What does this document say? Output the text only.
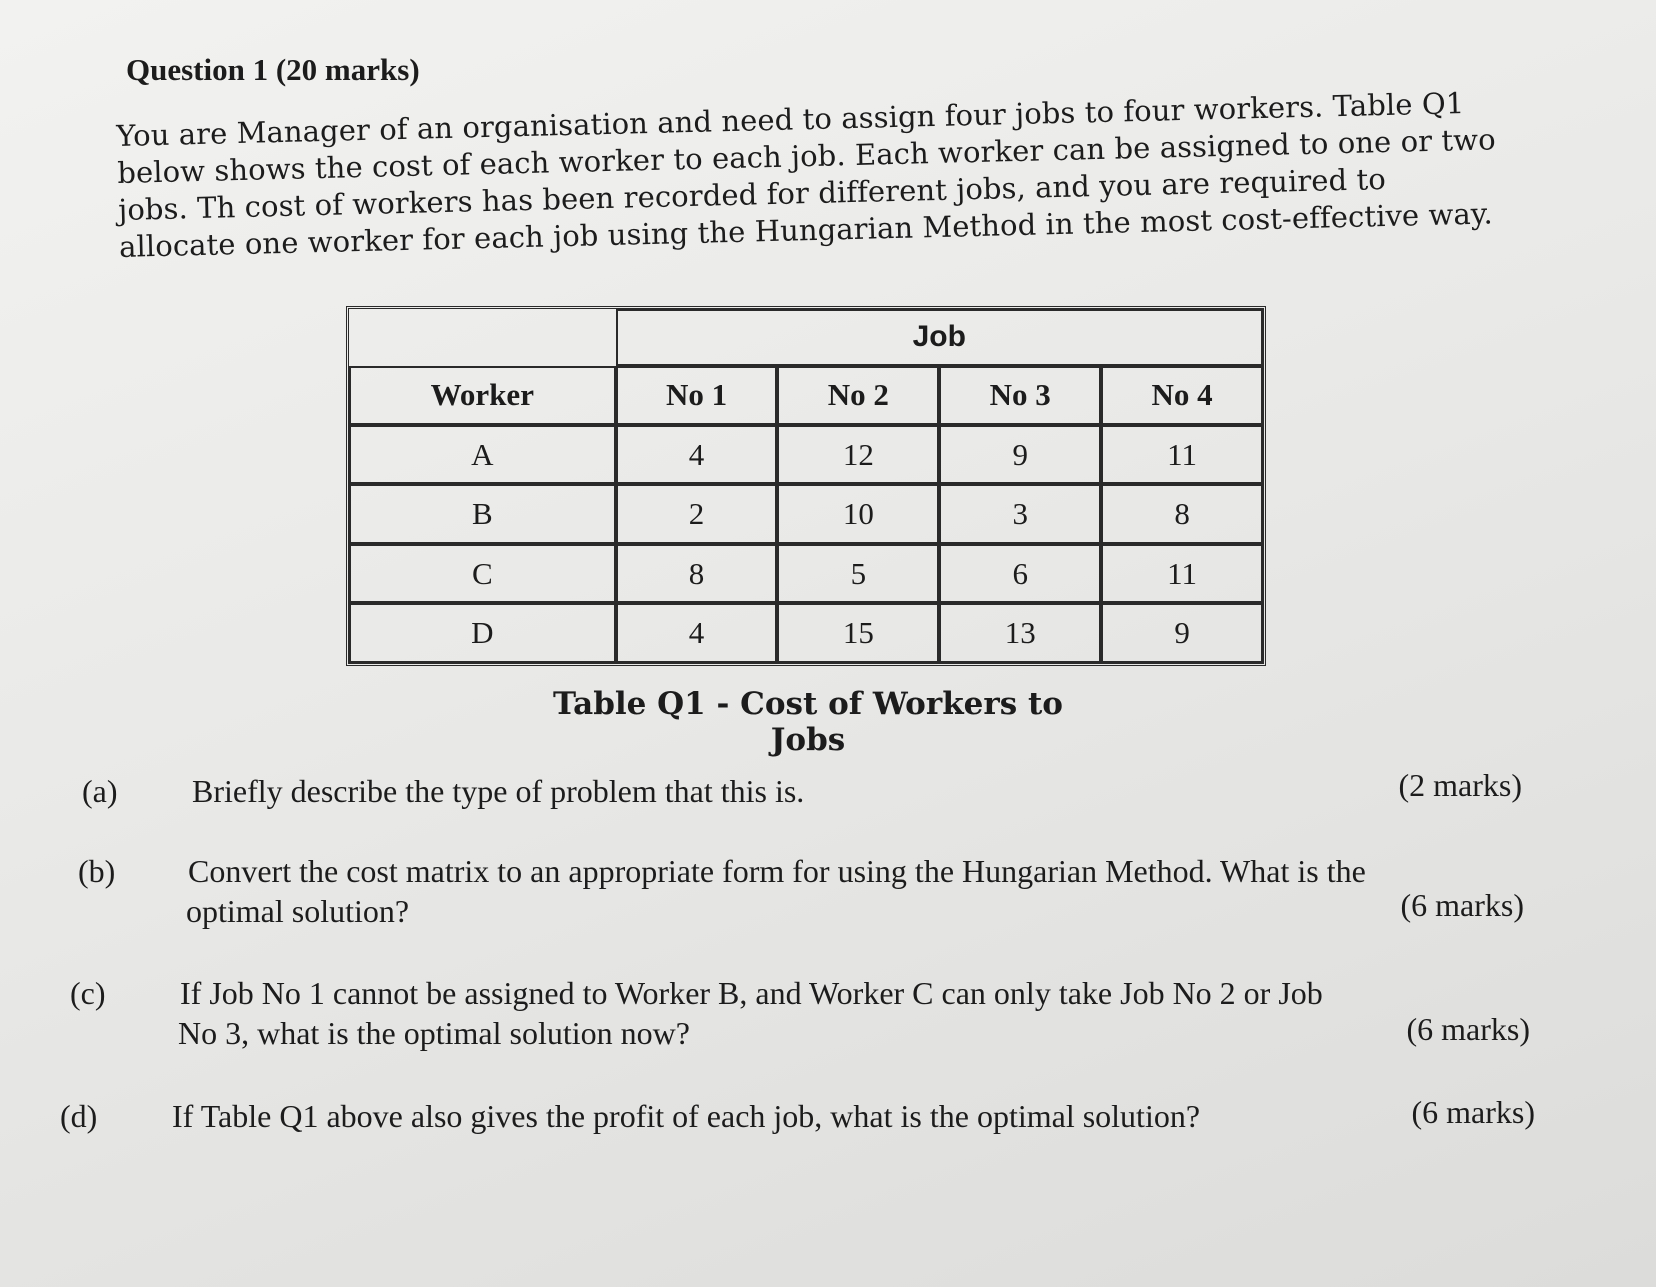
Question 1 (20 marks)

You are Manager of an organisation and need to assign four jobs to four workers. Table Q1 below shows the cost of each worker to each job. Each worker can be assigned to one or two jobs. Th cost of workers has been recorded for different jobs, and you are required to allocate one worker for each job using the Hungarian Method in the most cost-effective way.

	Job			
Worker	No 1	No 2	No 3	No 4
A	4	12	9	11
B	2	10	3	8
C	8	5	6	11
D	4	15	13	9
Table Q1 - Cost of Workers to Jobs
(a) Briefly describe the type of problem that this is.	(2 marks)
(b) Convert the cost matrix to an appropriate form for using the Hungarian Method. What is the
optimal solution?	(6 marks)
(c) If Job No 1 cannot be assigned to Worker B, and Worker C can only take Job No 2 or Job
No 3, what is the optimal solution now?	(6 marks)
(d) If Table Q1 above also gives the profit of each job, what is the optimal solution?	(6 marks)
